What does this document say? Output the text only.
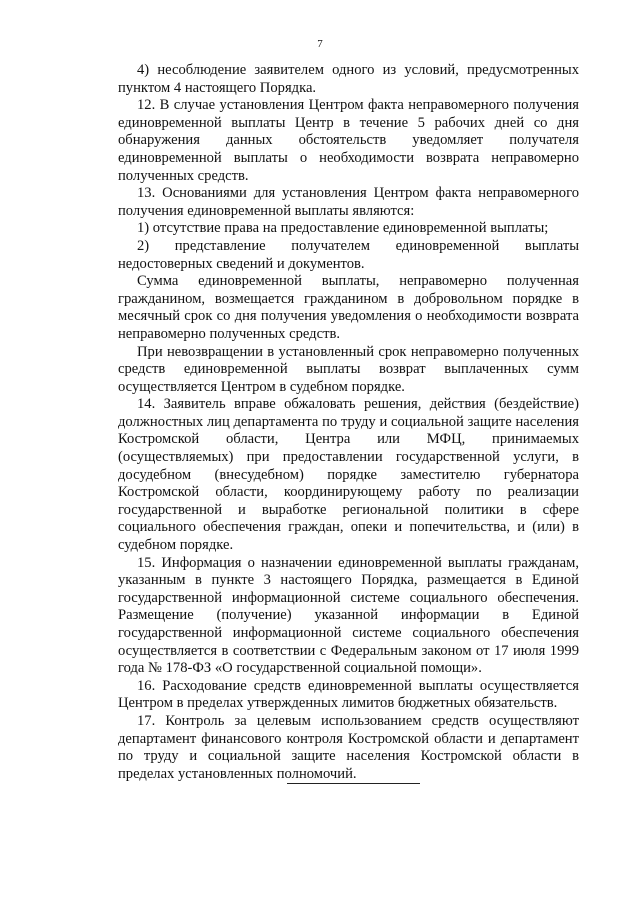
7

4) несоблюдение заявителем одного из условий, предусмотренных пунктом 4 настоящего Порядка.

12. В случае установления Центром факта неправомерного получения единовременной выплаты Центр в течение 5 рабочих дней со дня обнаружения данных обстоятельств уведомляет получателя единовременной выплаты о необходимости возврата неправомерно полученных средств.

13. Основаниями для установления Центром факта неправомерного получения единовременной выплаты являются:

1) отсутствие права на предоставление единовременной выплаты;

2) представление получателем единовременной выплаты недостоверных сведений и документов.

Сумма единовременной выплаты, неправомерно полученная гражданином, возмещается гражданином в добровольном порядке в месячный срок со дня получения уведомления о необходимости возврата неправомерно полученных средств.

При невозвращении в установленный срок неправомерно полученных средств единовременной выплаты возврат выплаченных сумм осуществляется Центром в судебном порядке.

14. Заявитель вправе обжаловать решения, действия (бездействие) должностных лиц департамента по труду и социальной защите населения Костромской области, Центра или МФЦ, принимаемых (осуществляемых) при предоставлении государственной услуги, в досудебном (внесудебном) порядке заместителю губернатора Костромской области, координирующему работу по реализации государственной и выработке региональной политики в сфере социального обеспечения граждан, опеки и попечительства, и (или) в судебном порядке.

15. Информация о назначении единовременной выплаты гражданам, указанным в пункте 3 настоящего Порядка, размещается в Единой государственной информационной системе социального обеспечения. Размещение (получение) указанной информации в Единой государственной информационной системе социального обеспечения осуществляется в соответствии с Федеральным законом от 17 июля 1999 года № 178-ФЗ «О государственной социальной помощи».

16. Расходование средств единовременной выплаты осуществляется Центром в пределах утвержденных лимитов бюджетных обязательств.

17. Контроль за целевым использованием средств осуществляют департамент финансового контроля Костромской области и департамент по труду и социальной защите населения Костромской области в пределах установленных полномочий.
